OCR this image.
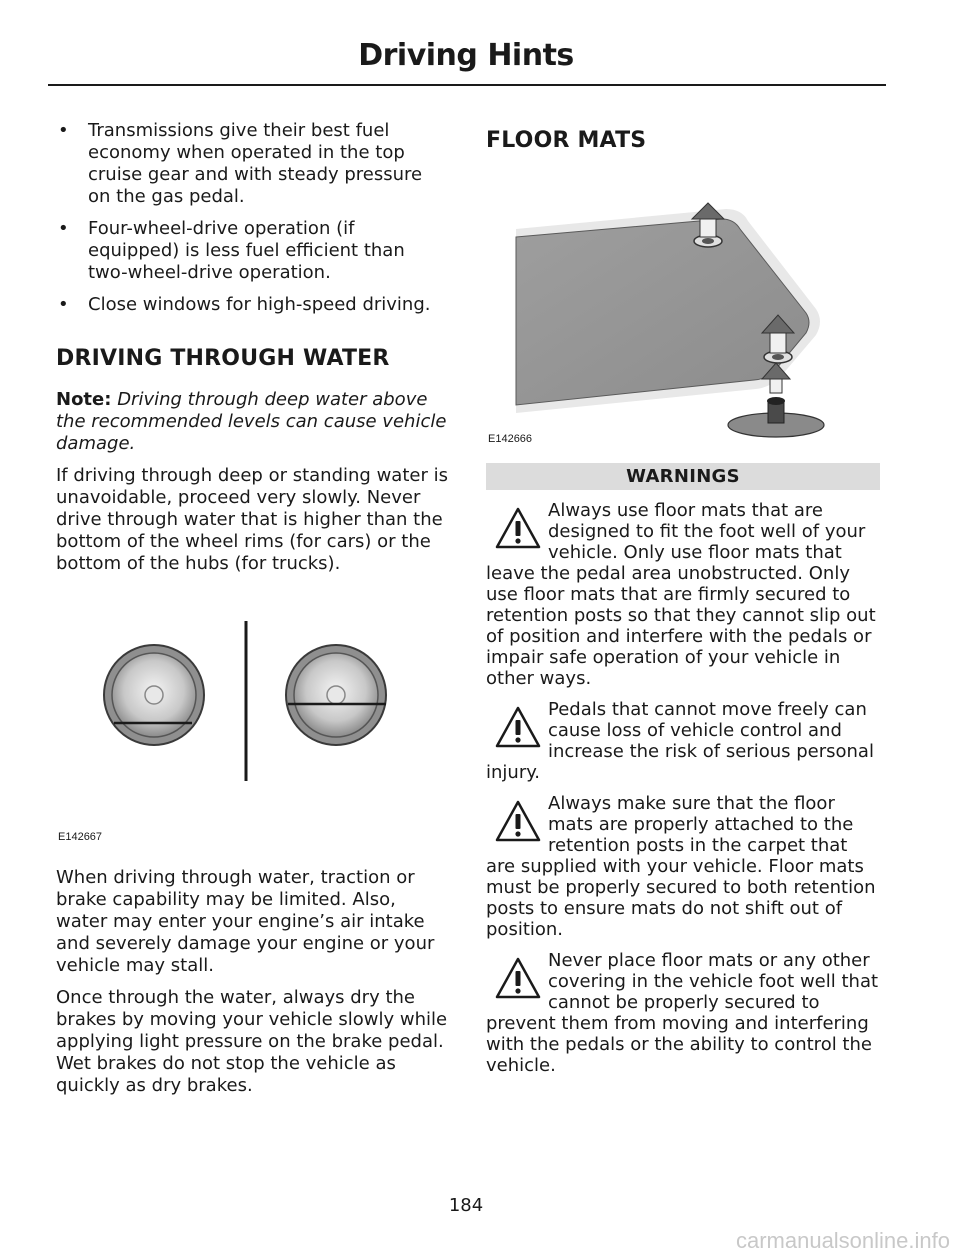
Driving Hints
• Transmissions give their best fuel economy when operated in the top cruise gear and with steady pressure on the gas pedal.
• Four-wheel-drive operation (if equipped) is less fuel efficient than two-wheel-drive operation.
• Close windows for high-speed driving.
DRIVING THROUGH WATER

Note: Driving through deep water above the recommended levels can cause vehicle damage.

If driving through deep or standing water is unavoidable, proceed very slowly. Never drive through water that is higher than the bottom of the wheel rims (for cars) or the bottom of the hubs (for trucks).

E142667

When driving through water, traction or brake capability may be limited. Also, water may enter your engine’s air intake and severely damage your engine or your vehicle may stall.

Once through the water, always dry the brakes by moving your vehicle slowly while applying light pressure on the brake pedal. Wet brakes do not stop the vehicle as quickly as dry brakes.

FLOOR MATS
E142666
WARNINGS
Always use floor mats that are designed to fit the foot well of your vehicle. Only use floor mats that leave the pedal area unobstructed. Only use floor mats that are firmly secured to retention posts so that they cannot slip out of position and interfere with the pedals or impair safe operation of your vehicle in other ways.
Pedals that cannot move freely can cause loss of vehicle control and increase the risk of serious personal injury.
Always make sure that the floor mats are properly attached to the retention posts in the carpet that are supplied with your vehicle. Floor mats must be properly secured to both retention posts to ensure mats do not shift out of position.
Never place floor mats or any other covering in the vehicle foot well that cannot be properly secured to prevent them from moving and interfering with the pedals or the ability to control the vehicle.
184
carmanualsonline.info
